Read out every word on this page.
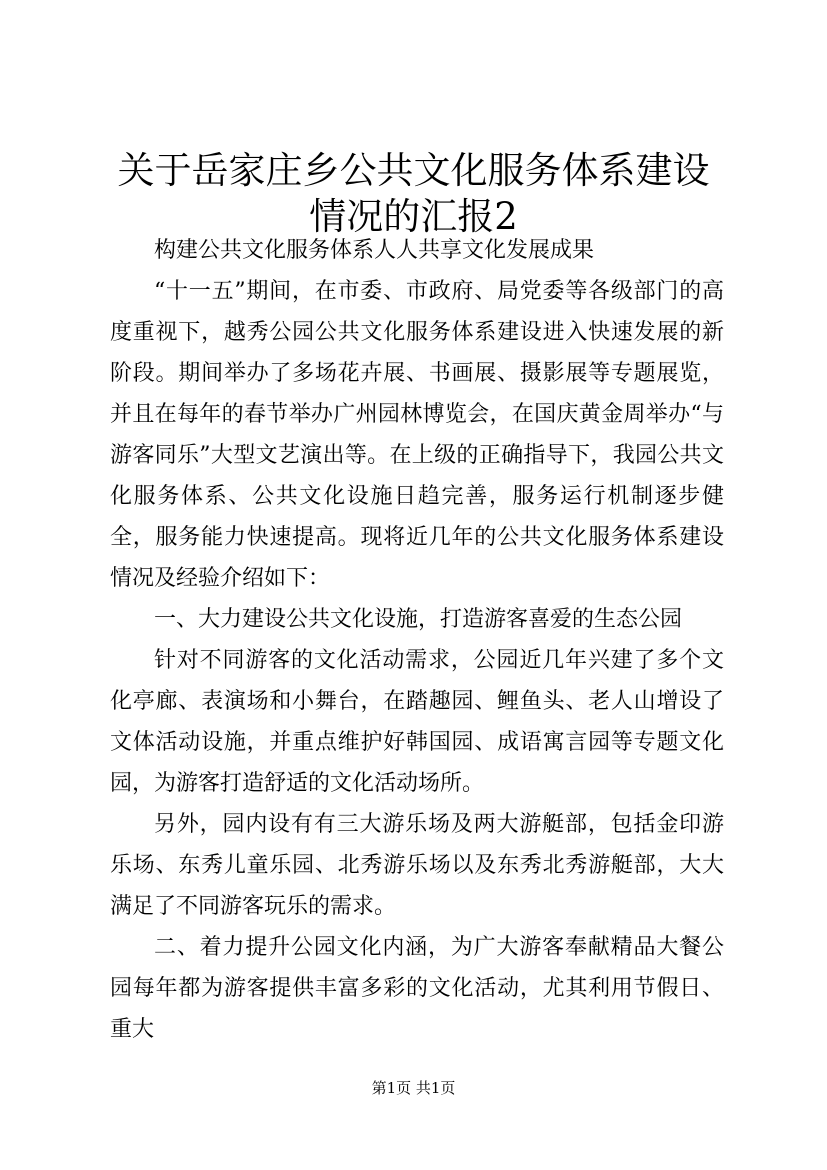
关于岳家庄乡公共文化服务体系建设情况的汇报2

构建公共文化服务体系人人共享文化发展成果

“十一五”期间，在市委、市政府、局党委等各级部门的高度重视下，越秀公园公共文化服务体系建设进入快速发展的新阶段。期间举办了多场花卉展、书画展、摄影展等专题展览，并且在每年的春节举办广州园林博览会，在国庆黄金周举办“与游客同乐”大型文艺演出等。在上级的正确指导下，我园公共文化服务体系、公共文化设施日趋完善，服务运行机制逐步健全，服务能力快速提高。现将近几年的公共文化服务体系建设情况及经验介绍如下：

一、大力建设公共文化设施，打造游客喜爱的生态公园

针对不同游客的文化活动需求，公园近几年兴建了多个文化亭廊、表演场和小舞台，在踏趣园、鲤鱼头、老人山增设了文体活动设施，并重点维护好韩国园、成语寓言园等专题文化园，为游客打造舒适的文化活动场所。

另外，园内设有有三大游乐场及两大游艇部，包括金印游乐场、东秀儿童乐园、北秀游乐场以及东秀北秀游艇部，大大满足了不同游客玩乐的需求。

二、着力提升公园文化内涵，为广大游客奉献精品大餐公园每年都为游客提供丰富多彩的文化活动，尤其利用节假日、重大

第1页 共1页
